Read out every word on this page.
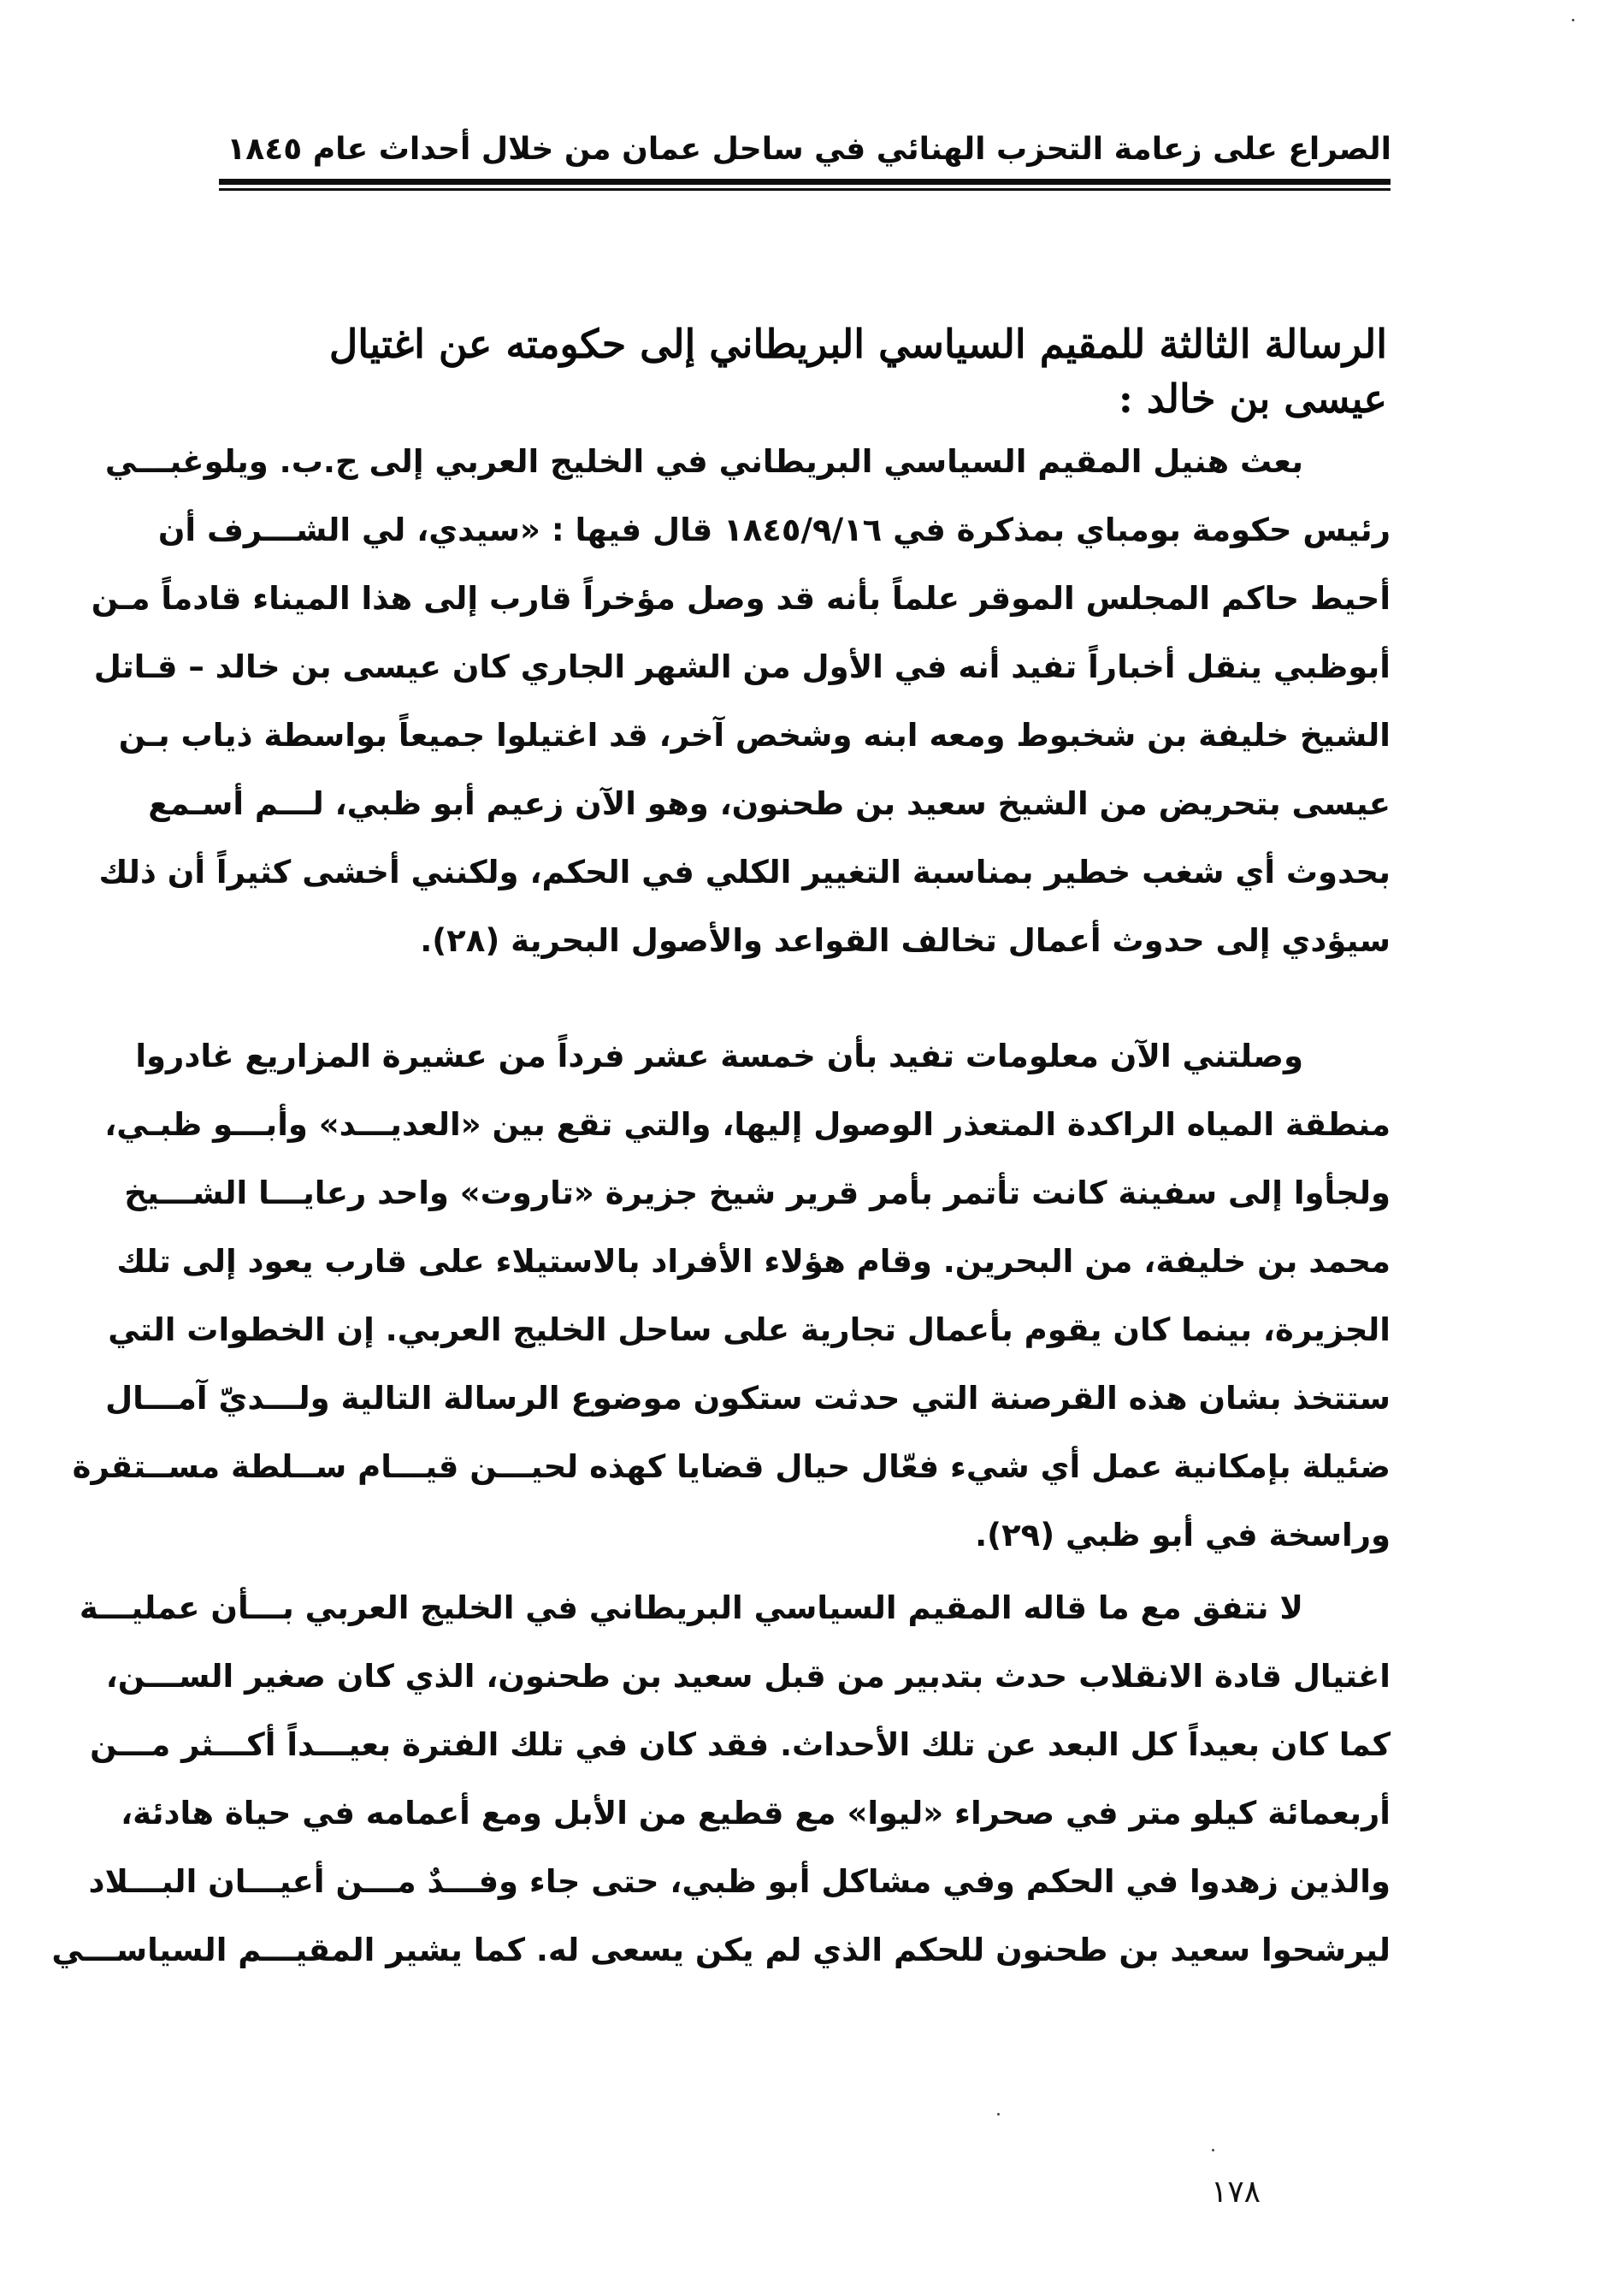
الصراع على زعامة التحزب الهنائي في ساحل عمان من خلال أحداث عام ١٨٤٥
الرسالة الثالثة للمقيم السياسي البريطاني إلى حكومته عن اغتيال عيسى بن خالد :
بعث هنيل المقيم السياسي البريطاني في الخليج العربي إلى ج.ب. ويلوغبـــي
رئيس حكومة بومباي بمذكرة في ١٨٤٥/٩/١٦ قال فيها : «سيدي، لي الشـــرف أن
أحيط حاكم المجلس الموقر علماً بأنه قد وصل مؤخراً قارب إلى هذا الميناء قادماً مـن
أبوظبي ينقل أخباراً تفيد أنه في الأول من الشهر الجاري كان عيسى بن خالد – قـاتل
الشيخ خليفة بن شخبوط ومعه ابنه وشخص آخر، قد اغتيلوا جميعاً بواسطة ذياب بـن
عيسى بتحريض من الشيخ سعيد بن طحنون، وهو الآن زعيم أبو ظبي، لـــم أسـمع
بحدوث أي شغب خطير بمناسبة التغيير الكلي في الحكم، ولكنني أخشى كثيراً أن ذلك
سيؤدي إلى حدوث أعمال تخالف القواعد والأصول البحرية (٢٨).
وصلتني الآن معلومات تفيد بأن خمسة عشر فرداً من عشيرة المزاريع غادروا
منطقة المياه الراكدة المتعذر الوصول إليها، والتي تقع بين «العديـــد» وأبـــو ظبـي،
ولجأوا إلى سفينة كانت تأتمر بأمر قرير شيخ جزيرة «تاروت» واحد رعايـــا الشـــيخ
محمد بن خليفة، من البحرين. وقام هؤلاء الأفراد بالاستيلاء على قارب يعود إلى تلك
الجزيرة، بينما كان يقوم بأعمال تجارية على ساحل الخليج العربي. إن الخطوات التي
ستتخذ بشان هذه القرصنة التي حدثت ستكون موضوع الرسالة التالية ولـــديّ آمـــال
ضئيلة بإمكانية عمل أي شيء فعّال حيال قضايا كهذه لحيـــن قيـــام ســلطة مســتقرة
وراسخة في أبو ظبي (٢٩).
لا نتفق مع ما قاله المقيم السياسي البريطاني في الخليج العربي بـــأن عمليـــة
اغتيال قادة الانقلاب حدث بتدبير من قبل سعيد بن طحنون، الذي كان صغير الســـن،
كما كان بعيداً كل البعد عن تلك الأحداث. فقد كان في تلك الفترة بعيـــداً أكـــثر مـــن
أربعمائة كيلو متر في صحراء «ليوا» مع قطيع من الأبل ومع أعمامه في حياة هادئة،
والذين زهدوا في الحكم وفي مشاكل أبو ظبي، حتى جاء وفـــدٌ مـــن أعيـــان البـــلاد
ليرشحوا سعيد بن طحنون للحكم الذي لم يكن يسعى له. كما يشير المقيـــم السياســـي
١٧٨
